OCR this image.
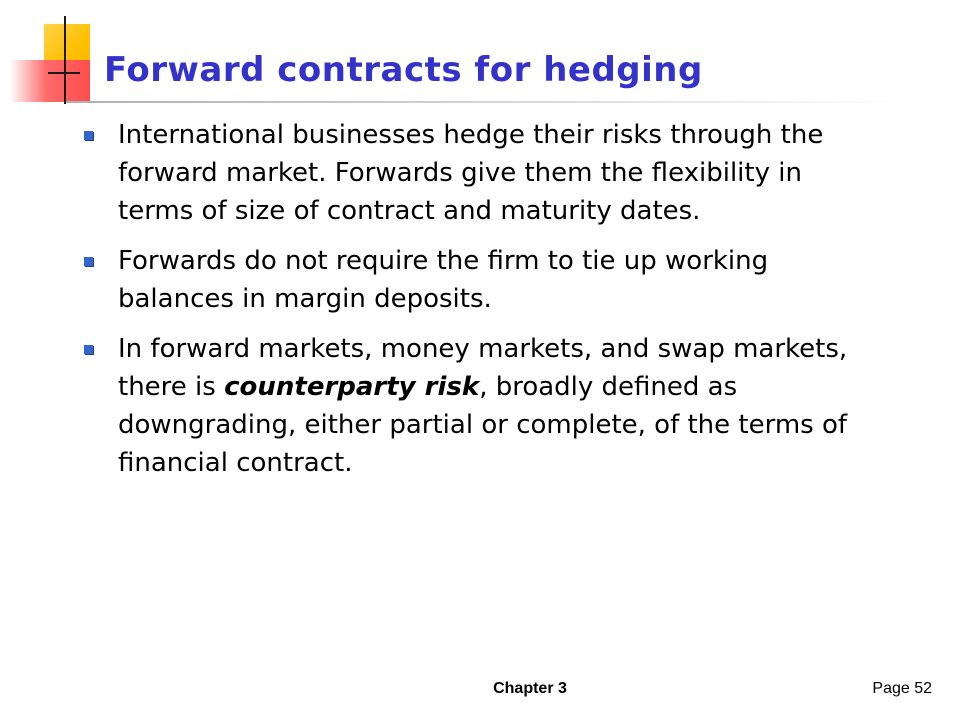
Forward contracts for hedging
International businesses hedge their risks through the forward market. Forwards give them the flexibility in terms of size of contract and maturity dates.
Forwards do not require the firm to tie up working balances in margin deposits.
In forward markets, money markets, and swap markets, there is counterparty risk, broadly defined as downgrading, either partial or complete, of the terms of financial contract.
Chapter 3	Page 52
